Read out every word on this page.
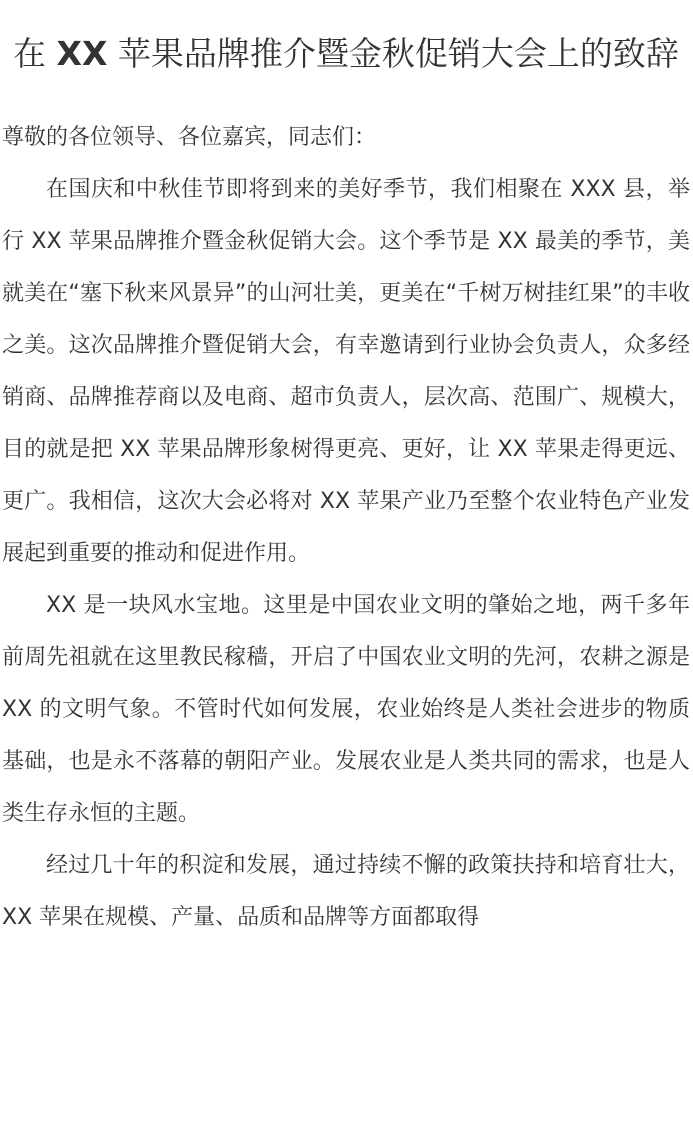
在 XX 苹果品牌推介暨金秋促销大会上的致辞

尊敬的各位领导、各位嘉宾，同志们：

在国庆和中秋佳节即将到来的美好季节，我们相聚在 XXX 县，举行 XX 苹果品牌推介暨金秋促销大会。这个季节是 XX 最美的季节，美就美在“塞下秋来风景异”的山河壮美，更美在“千树万树挂红果”的丰收之美。这次品牌推介暨促销大会，有幸邀请到行业协会负责人，众多经销商、品牌推荐商以及电商、超市负责人，层次高、范围广、规模大，目的就是把 XX 苹果品牌形象树得更亮、更好，让 XX 苹果走得更远、更广。我相信，这次大会必将对 XX 苹果产业乃至整个农业特色产业发展起到重要的推动和促进作用。

XX 是一块风水宝地。这里是中国农业文明的肇始之地，两千多年前周先祖就在这里教民稼穑，开启了中国农业文明的先河，农耕之源是 XX 的文明气象。不管时代如何发展，农业始终是人类社会进步的物质基础，也是永不落幕的朝阳产业。发展农业是人类共同的需求，也是人类生存永恒的主题。

经过几十年的积淀和发展，通过持续不懈的政策扶持和培育壮大，XX 苹果在规模、产量、品质和品牌等方面都取得
